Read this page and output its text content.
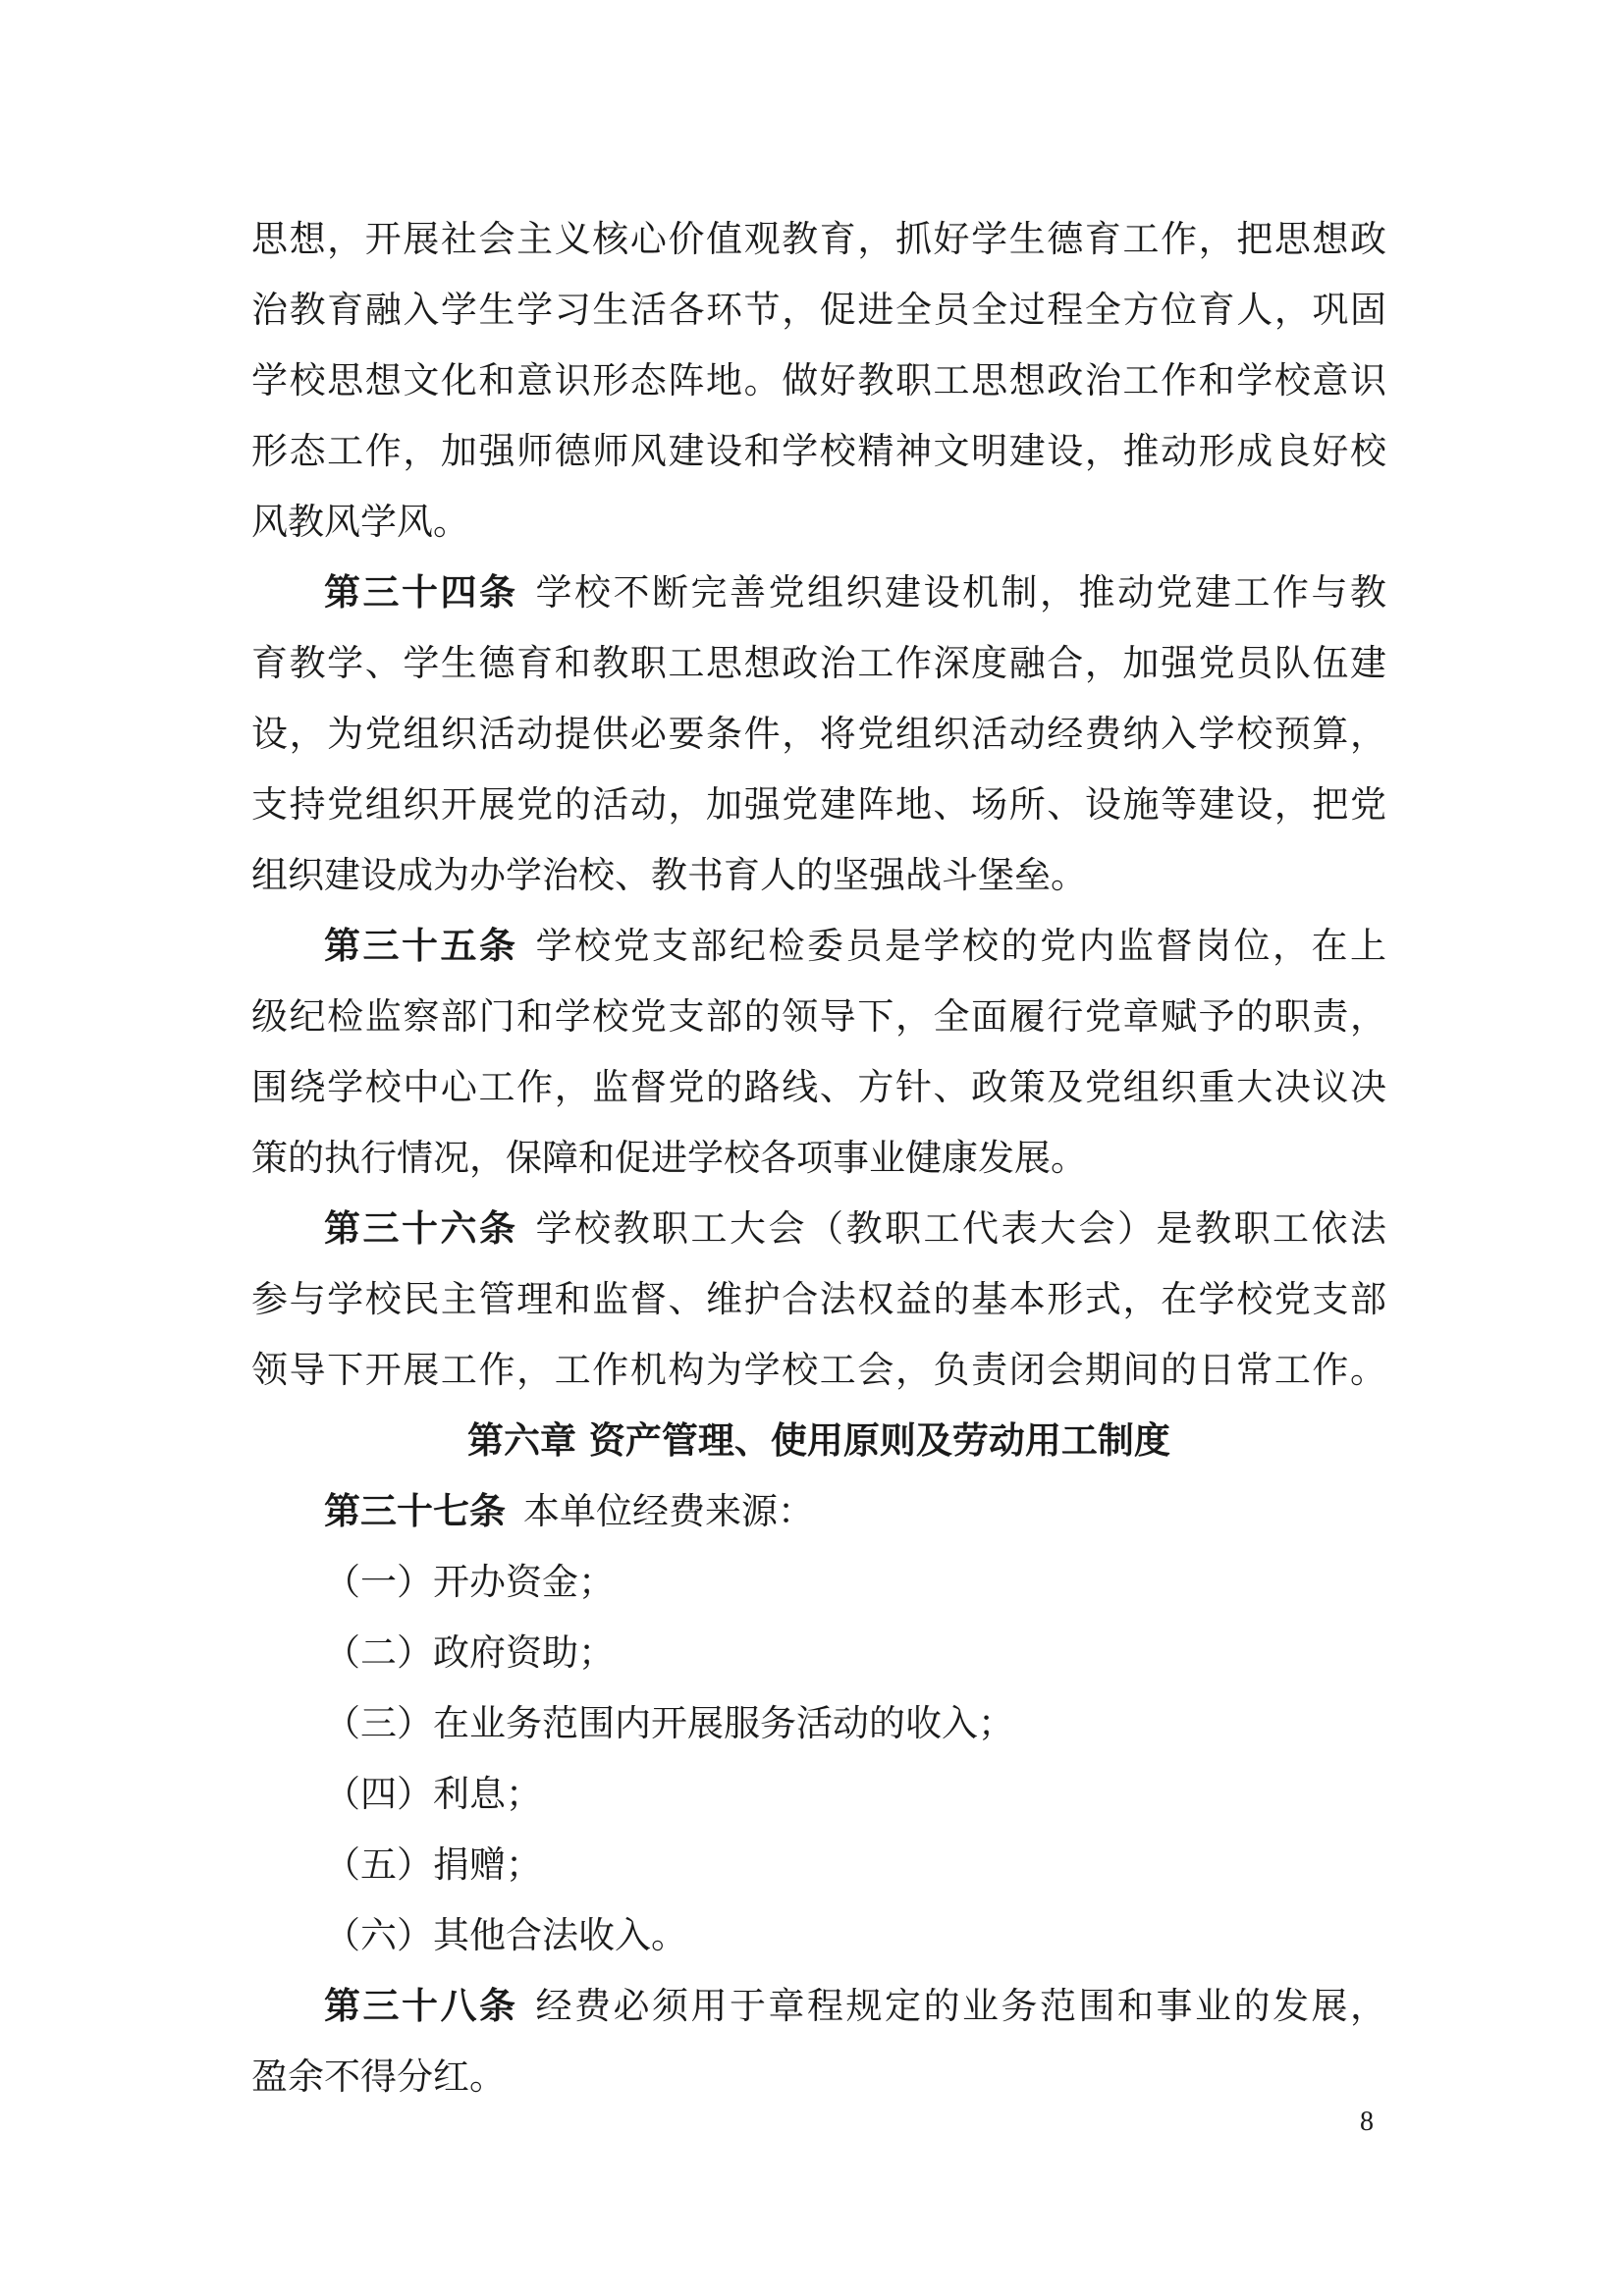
思想，开展社会主义核心价值观教育，抓好学生德育工作，把思想政
治教育融入学生学习生活各环节，促进全员全过程全方位育人，巩固
学校思想文化和意识形态阵地。做好教职工思想政治工作和学校意识
形态工作，加强师德师风建设和学校精神文明建设，推动形成良好校
风教风学风。
第三十四条 学校不断完善党组织建设机制，推动党建工作与教
育教学、学生德育和教职工思想政治工作深度融合，加强党员队伍建
设，为党组织活动提供必要条件，将党组织活动经费纳入学校预算，
支持党组织开展党的活动，加强党建阵地、场所、设施等建设，把党
组织建设成为办学治校、教书育人的坚强战斗堡垒。
第三十五条 学校党支部纪检委员是学校的党内监督岗位，在上
级纪检监察部门和学校党支部的领导下，全面履行党章赋予的职责，
围绕学校中心工作，监督党的路线、方针、政策及党组织重大决议决
策的执行情况，保障和促进学校各项事业健康发展。
第三十六条 学校教职工大会（教职工代表大会）是教职工依法
参与学校民主管理和监督、维护合法权益的基本形式，在学校党支部
领导下开展工作，工作机构为学校工会，负责闭会期间的日常工作。
第六章 资产管理、使用原则及劳动用工制度
第三十七条 本单位经费来源：
（一）开办资金；
（二）政府资助；
（三）在业务范围内开展服务活动的收入；
（四）利息；
（五）捐赠；
（六）其他合法收入。
第三十八条 经费必须用于章程规定的业务范围和事业的发展，
盈余不得分红。
8
